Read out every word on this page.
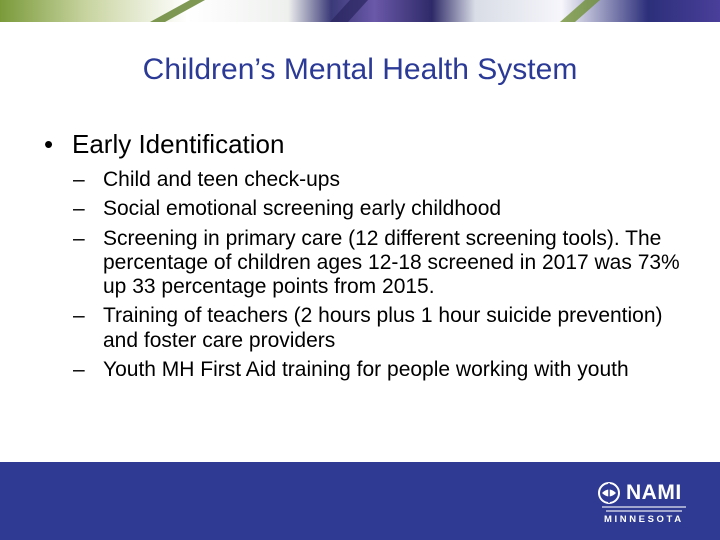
Children’s Mental Health System
• Early Identification
– Child and teen check-ups
– Social emotional screening early childhood
– Screening in primary care (12 different screening tools). The percentage of children ages 12-18 screened in 2017 was 73% up 33 percentage points from 2015.
– Training of teachers (2 hours plus 1 hour suicide prevention) and foster care providers
– Youth MH First Aid training for people working with youth
NAMI
MINNESOTA
